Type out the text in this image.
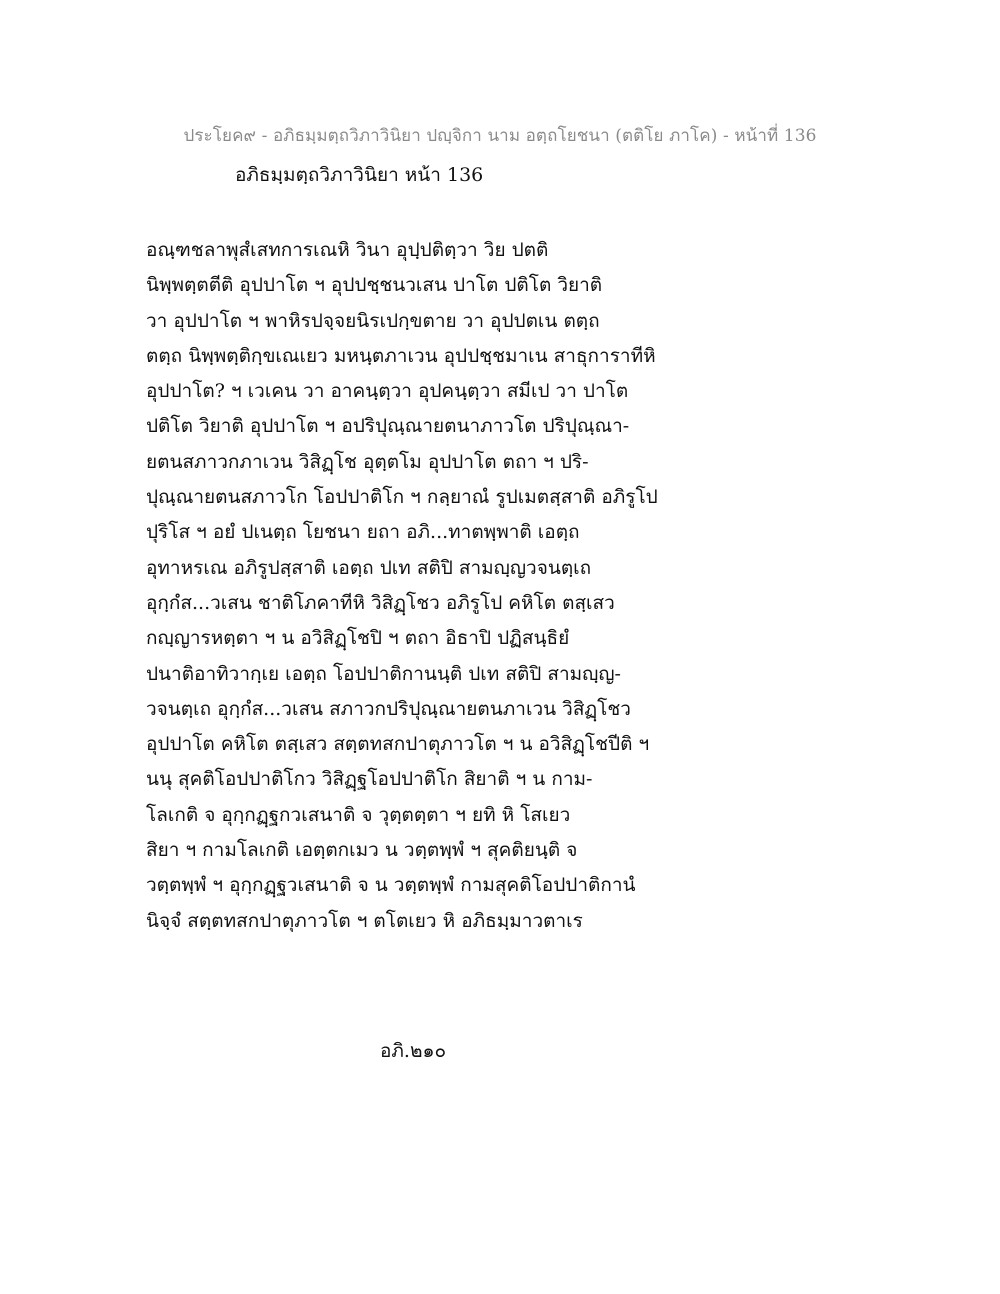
ประโยค๙ - อภิธมฺมตฺถวิภาวินิยา ปญฺจิกา นาม อตฺถโยชนา (ตติโย ภาโค) - หน้าที่ 136
อภิธมฺมตฺถวิภาวินิยา หน้า 136
อณฺฑชลาพุสํเสทการเณหิ วินา อุปฺปติตฺวา วิย ปตติ
นิพฺพตฺตตีติ อุปปาโต ฯ อุปปชฺชนวเสน ปาโต ปติโต วิยาติ
วา อุปปาโต ฯ พาหิรปจฺจยนิรเปกฺขตาย วา อุปปตเน ตตฺถ
ตตฺถ นิพฺพตฺติกฺขเณเยว มหนฺตภาเวน อุปปชฺชมาเน สาธุการาทีหิ
อุปปาโต? ฯ เวเคน วา อาคนฺตฺวา อุปคนฺตฺวา สมีเป วา ปาโต
ปติโต วิยาติ อุปปาโต ฯ อปริปุณฺณายตนาภาวโต ปริปุณฺณา-
ยตนสภาวกภาเวน วิสิฏฺโช อุตฺตโม อุปปาโต ตถา ฯ ปริ-
ปุณฺณายตนสภาวโก โอปปาติโก ฯ กลฺยาณํ รูปเมตสฺสาติ อภิรูโป
ปุริโส ฯ อยํ ปเนตฺถ โยชนา ยถา อภิ...ทาตพฺพาติ เอตฺถ
อุทาหรเณ อภิรูปสฺสาติ เอตฺถ ปเท สติปิ สามญฺญวจนตฺเถ
อุกฺกํส...วเสน ชาติโภคาทีหิ วิสิฏฺโชว อภิรูโป คหิโต ตสฺเสว
กญฺญารหตฺตา ฯ น อวิสิฏฺโชปิ ฯ ตถา อิธาปิ ปฏิสนฺธิยํ
ปนาติอาทิวากฺเย เอตฺถ โอปปาติกานนฺติ ปเท สติปิ สามญฺญ-
วจนตฺเถ อุกฺกํส...วเสน สภาวกปริปุณฺณายตนภาเวน วิสิฏฺโชว
อุปปาโต คหิโต ตสฺเสว สตฺตทสกปาตุภาวโต ฯ น อวิสิฏฺโชปีติ ฯ
นนุ สุคติโอปปาติโกว วิสิฏฺฐโอปปาติโก สิยาติ ฯ น กาม-
โลเกติ จ อุกฺกฏฺฐกวเสนาติ จ วุตฺตตฺตา ฯ ยทิ หิ โสเยว
สิยา ฯ กามโลเกติ เอตฺตกเมว น วตฺตพฺพํ ฯ สุคติยนฺติ จ
วตฺตพฺพํ ฯ อุกฺกฏฺฐวเสนาติ จ น วตฺตพฺพํ กามสุคติโอปปาติกานํ
นิจฺจํ สตฺตทสกปาตุภาวโต ฯ ตโตเยว หิ อภิธมฺมาวตาเร
อภิ.๒๑๐
